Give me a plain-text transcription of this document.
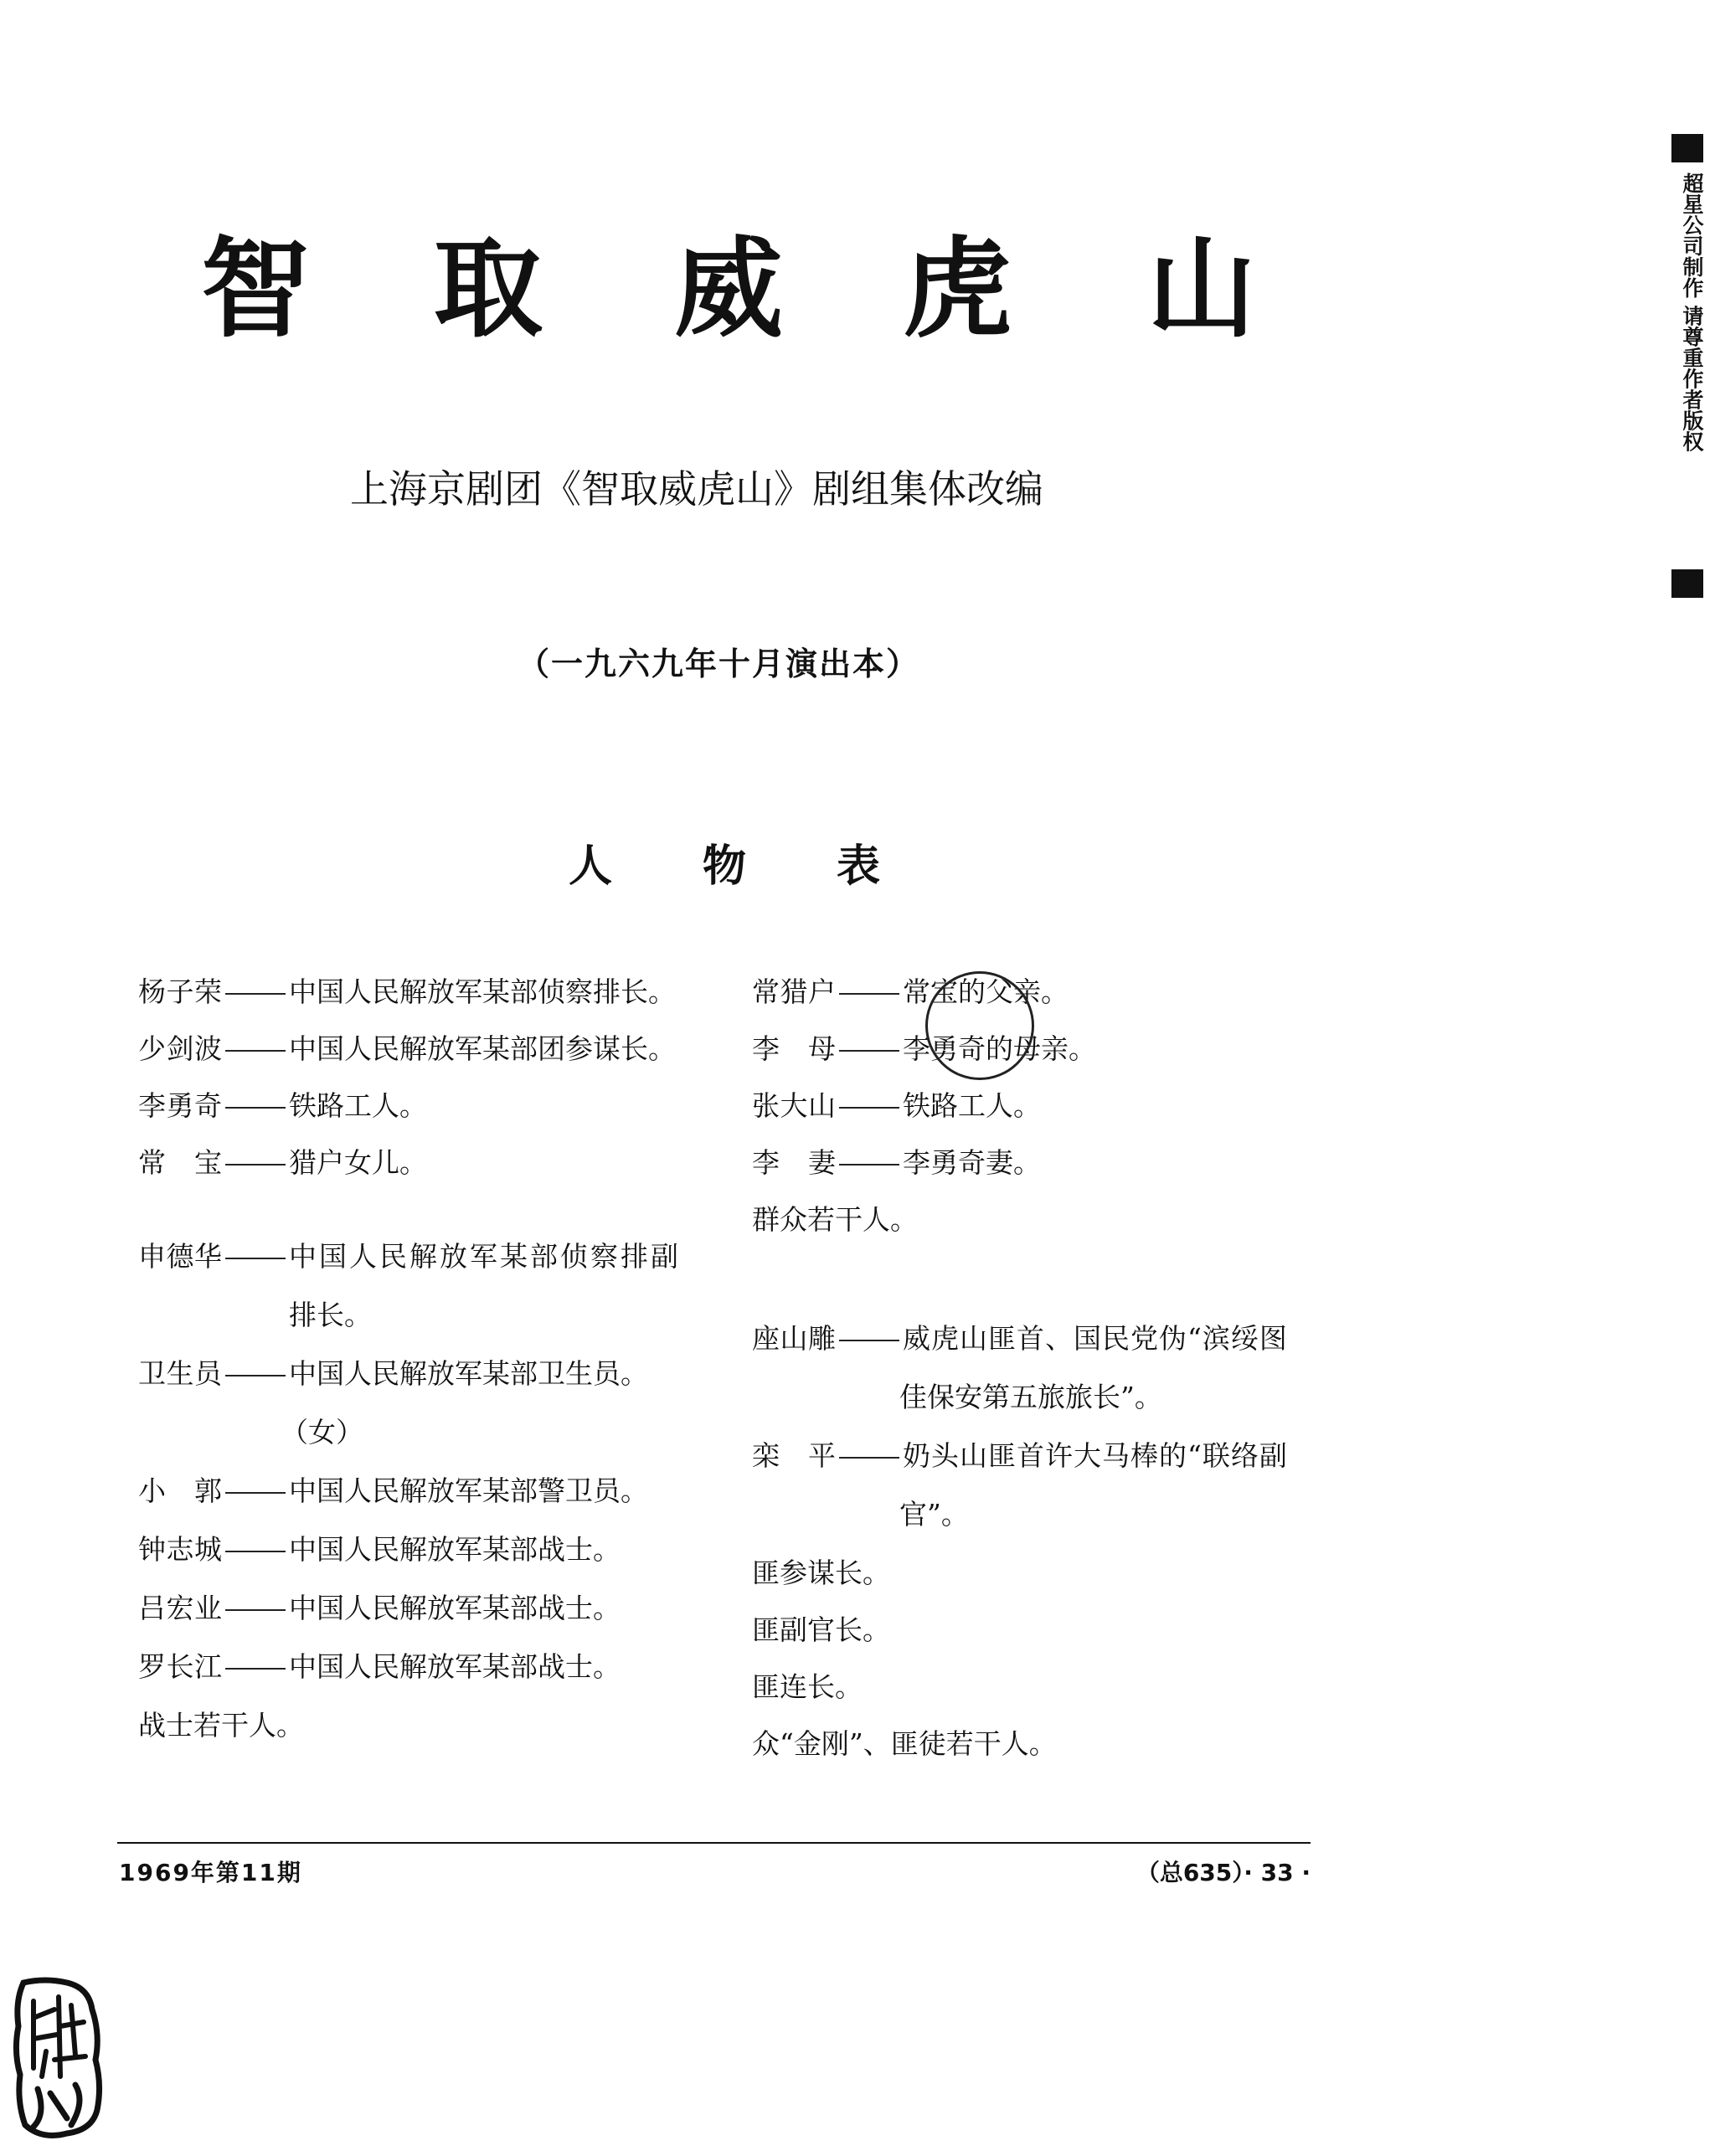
智 取 威 虎 山
上海京剧团《智取威虎山》剧组集体改编
（一九六九年十月演出本）
人 物 表
杨子荣 中国人民解放军某部侦察排长。
少剑波 中国人民解放军某部团参谋长。
李勇奇 铁路工人。
常宝 猎户女儿。
申德华 中国人民解放军某部侦察排副
排长。
卫生员 中国人民解放军某部卫生员。
（女）
小郭 中国人民解放军某部警卫员。
钟志城 中国人民解放军某部战士。
吕宏业 中国人民解放军某部战士。
罗长江 中国人民解放军某部战士。
战士若干人。
常猎户 常宝的父亲。
李母 李勇奇的母亲。
张大山 铁路工人。
李妻 李勇奇妻。
群众若干人。
座山雕 威虎山匪首、国民党伪“滨绥图
佳保安第五旅旅长”。
栾平 奶头山匪首许大马棒的“联络副
官”。
匪参谋长。
匪副官长。
匪连长。
众“金刚”、匪徒若干人。
1969年第11期	（总635）· 33 ·
超星公司制作 请尊重作者版权
